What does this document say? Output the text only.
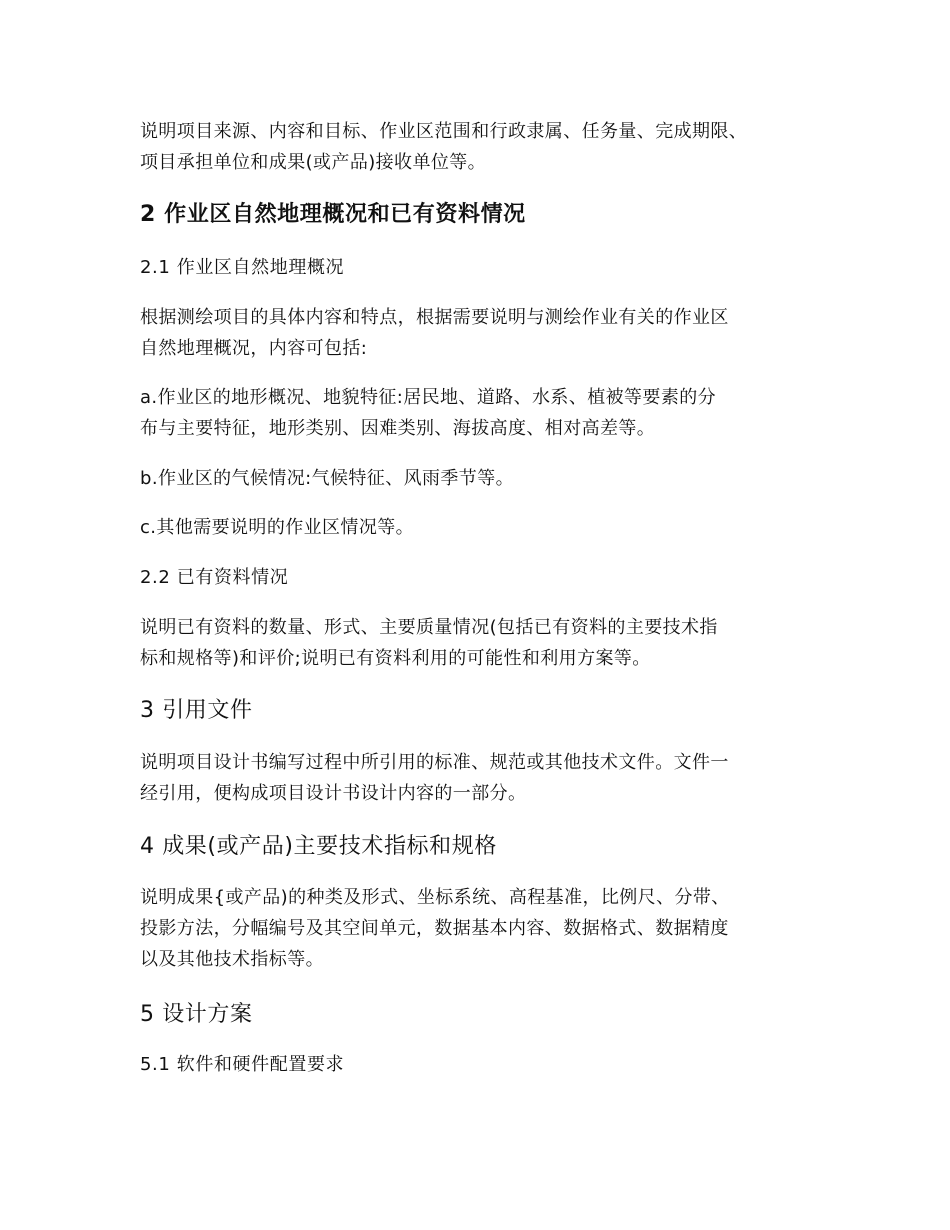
说明项目来源、内容和目标、作业区范围和行政隶属、任务量、完成期限、
项目承担单位和成果(或产品)接收单位等。

2 作业区自然地理概况和已有资料情况
2.1 作业区自然地理概况

根据测绘项目的具体内容和特点，根据需要说明与测绘作业有关的作业区
自然地理概况，内容可包括:

a.作业区的地形概况、地貌特征:居民地、道路、水系、植被等要素的分
布与主要特征，地形类别、因难类别、海拔高度、相对高差等。

b.作业区的气候情况:气候特征、风雨季节等。

c.其他需要说明的作业区情况等。

2.2 已有资料情况

说明已有资料的数量、形式、主要质量情况(包括已有资料的主要技术指
标和规格等)和评价;说明已有资料利用的可能性和利用方案等。

3 引用文件

说明项目设计书编写过程中所引用的标准、规范或其他技术文件。文件一
经引用，便构成项目设计书设计内容的一部分。

4 成果(或产品)主要技术指标和规格

说明成果{或产品)的种类及形式、坐标系统、高程基准，比例尺、分带、
投影方法，分幅编号及其空间单元，数据基本内容、数据格式、数据精度
以及其他技术指标等。

5 设计方案
5.1 软件和硬件配置要求
